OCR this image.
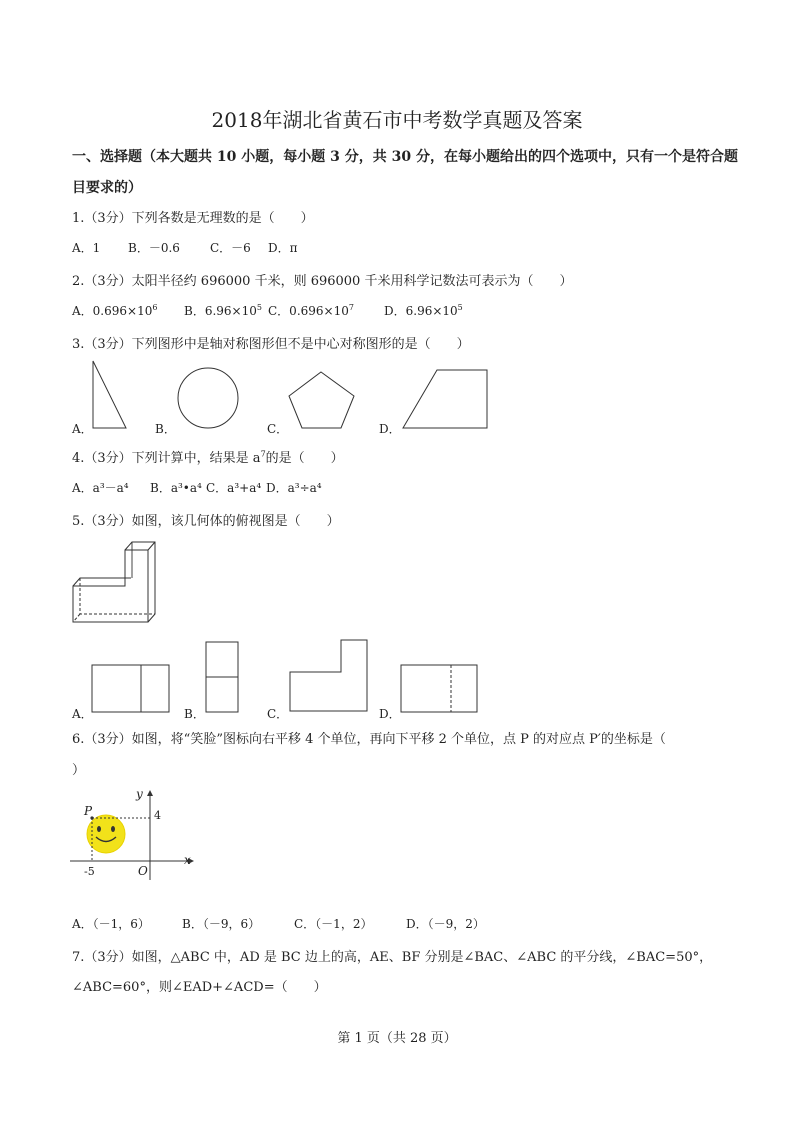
2018年湖北省黄石市中考数学真题及答案
一、选择题（本大题共 10 小题，每小题 3 分，共 30 分，在每小题给出的四个选项中，只有一个是符合题
目要求的）
1.（3分）下列各数是无理数的是（　　）
A．1 B．－0.6	C．－6 D．π
2.（3分）太阳半径约 696000 千米，则 696000 千米用科学记数法可表示为（　　）
A．$0.696\times 10^6$ B．$6.96\times 10^5$ C．$0.696\times 10^7$	D．$6.96\times 10^5$
3.（3分）下列图形中是轴对称图形但不是中心对称图形的是（　　）
A．	B．	C．	D．
4.（3分）下列计算中，结果是 $a^7$的是（　　）
A．a³－a⁴ B．a³•a⁴ C．a³+a⁴ D．a³÷a⁴
5.（3分）如图，该几何体的俯视图是（　　）
A．	B．	C．	D．
6.（3分）如图，将“笑脸”图标向右平移 4 个单位，再向下平移 2 个单位，点 P 的对应点 P′的坐标是（
）
y
x
O
P	4
-5
A．（－1，6）	B．（－9，6）	C．（－1，2）	D．（－9，2）
7.（3分）如图，△ABC 中，AD 是 BC 边上的高，AE、BF 分别是∠BAC、∠ABC 的平分线，∠BAC=50°，
∠ABC=60°，则∠EAD+∠ACD=（　　）
第 1 页（共 28 页）
